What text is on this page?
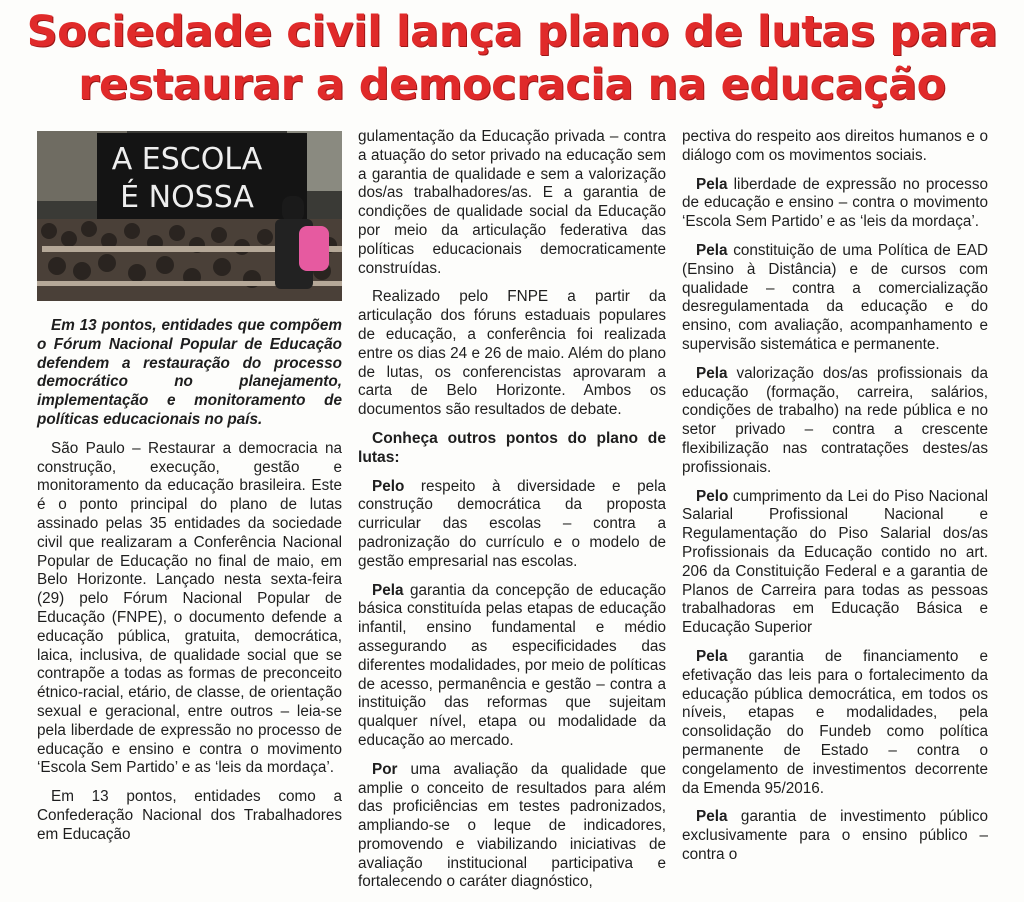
Sociedade civil lança plano de lutas para
restaurar a democracia na educação
A ESCOLA
É NOSSA

Em 13 pontos, entidades que compõem o Fórum Nacional Popular de Educação defendem a restauração do processo democrático no planejamento, implementação e monitoramento de políticas educacionais no país.

São Paulo – Restaurar a democracia na construção, execução, gestão e monitoramento da educação brasileira. Este é o ponto principal do plano de lutas assinado pelas 35 entidades da sociedade civil que realizaram a Conferência Nacional Popular de Educação no final de maio, em Belo Horizonte. Lançado nesta sexta-feira (29) pelo Fórum Nacional Popular de Educação (FNPE), o documento defende a educação pública, gratuita, democrática, laica, inclusiva, de qualidade social que se contrapõe a todas as formas de preconceito étnico-racial, etário, de classe, de orientação sexual e geracional, entre outros – leia-se pela liberdade de expressão no processo de educação e ensino e contra o movimento ‘Escola Sem Partido’ e as ‘leis da mordaça’.

Em 13 pontos, entidades como a Confederação Nacional dos Trabalhadores em Educação

gulamentação da Educação privada – contra a atuação do setor privado na educação sem a garantia de qualidade e sem a valorização dos/as trabalhadores/as. E a garantia de condições de qualidade social da Educação por meio da articulação federativa das políticas educacionais democraticamente construídas.

Realizado pelo FNPE a partir da articulação dos fóruns estaduais populares de educação, a conferência foi realizada entre os dias 24 e 26 de maio. Além do plano de lutas, os conferencistas aprovaram a carta de Belo Horizonte. Ambos os documentos são resultados de debate.

Conheça outros pontos do plano de lutas:

Pelo respeito à diversidade e pela construção democrática da proposta curricular das escolas – contra a padronização do currículo e o modelo de gestão empresarial nas escolas.

Pela garantia da concepção de educação básica constituída pelas etapas de educação infantil, ensino fundamental e médio assegurando as especificidades das diferentes modalidades, por meio de políticas de acesso, permanência e gestão – contra a instituição das reformas que sujeitam qualquer nível, etapa ou modalidade da educação ao mercado.

Por uma avaliação da qualidade que amplie o conceito de resultados para além das proficiências em testes padronizados, ampliando-se o leque de indicadores, promovendo e viabilizando iniciativas de avaliação institucional participativa e fortalecendo o caráter diagnóstico,

pectiva do respeito aos direitos humanos e o diálogo com os movimentos sociais.

Pela liberdade de expressão no processo de educação e ensino – contra o movimento ‘Escola Sem Partido’ e as ‘leis da mordaça’.

Pela constituição de uma Política de EAD (Ensino à Distância) e de cursos com qualidade – contra a comercialização desregulamentada da educação e do ensino, com avaliação, acompanhamento e supervisão sistemática e permanente.

Pela valorização dos/as profissionais da educação (formação, carreira, salários, condições de trabalho) na rede pública e no setor privado – contra a crescente flexibilização nas contratações destes/as profissionais.

Pelo cumprimento da Lei do Piso Nacional Salarial Profissional Nacional e Regulamentação do Piso Salarial dos/as Profissionais da Educação contido no art. 206 da Constituição Federal e a garantia de Planos de Carreira para todas as pessoas trabalhadoras em Educação Básica e Educação Superior

Pela garantia de financiamento e efetivação das leis para o fortalecimento da educação pública democrática, em todos os níveis, etapas e modalidades, pela consolidação do Fundeb como política permanente de Estado – contra o congelamento de investimentos decorrente da Emenda 95/2016.

Pela garantia de investimento público exclusivamente para o ensino público – contra o
